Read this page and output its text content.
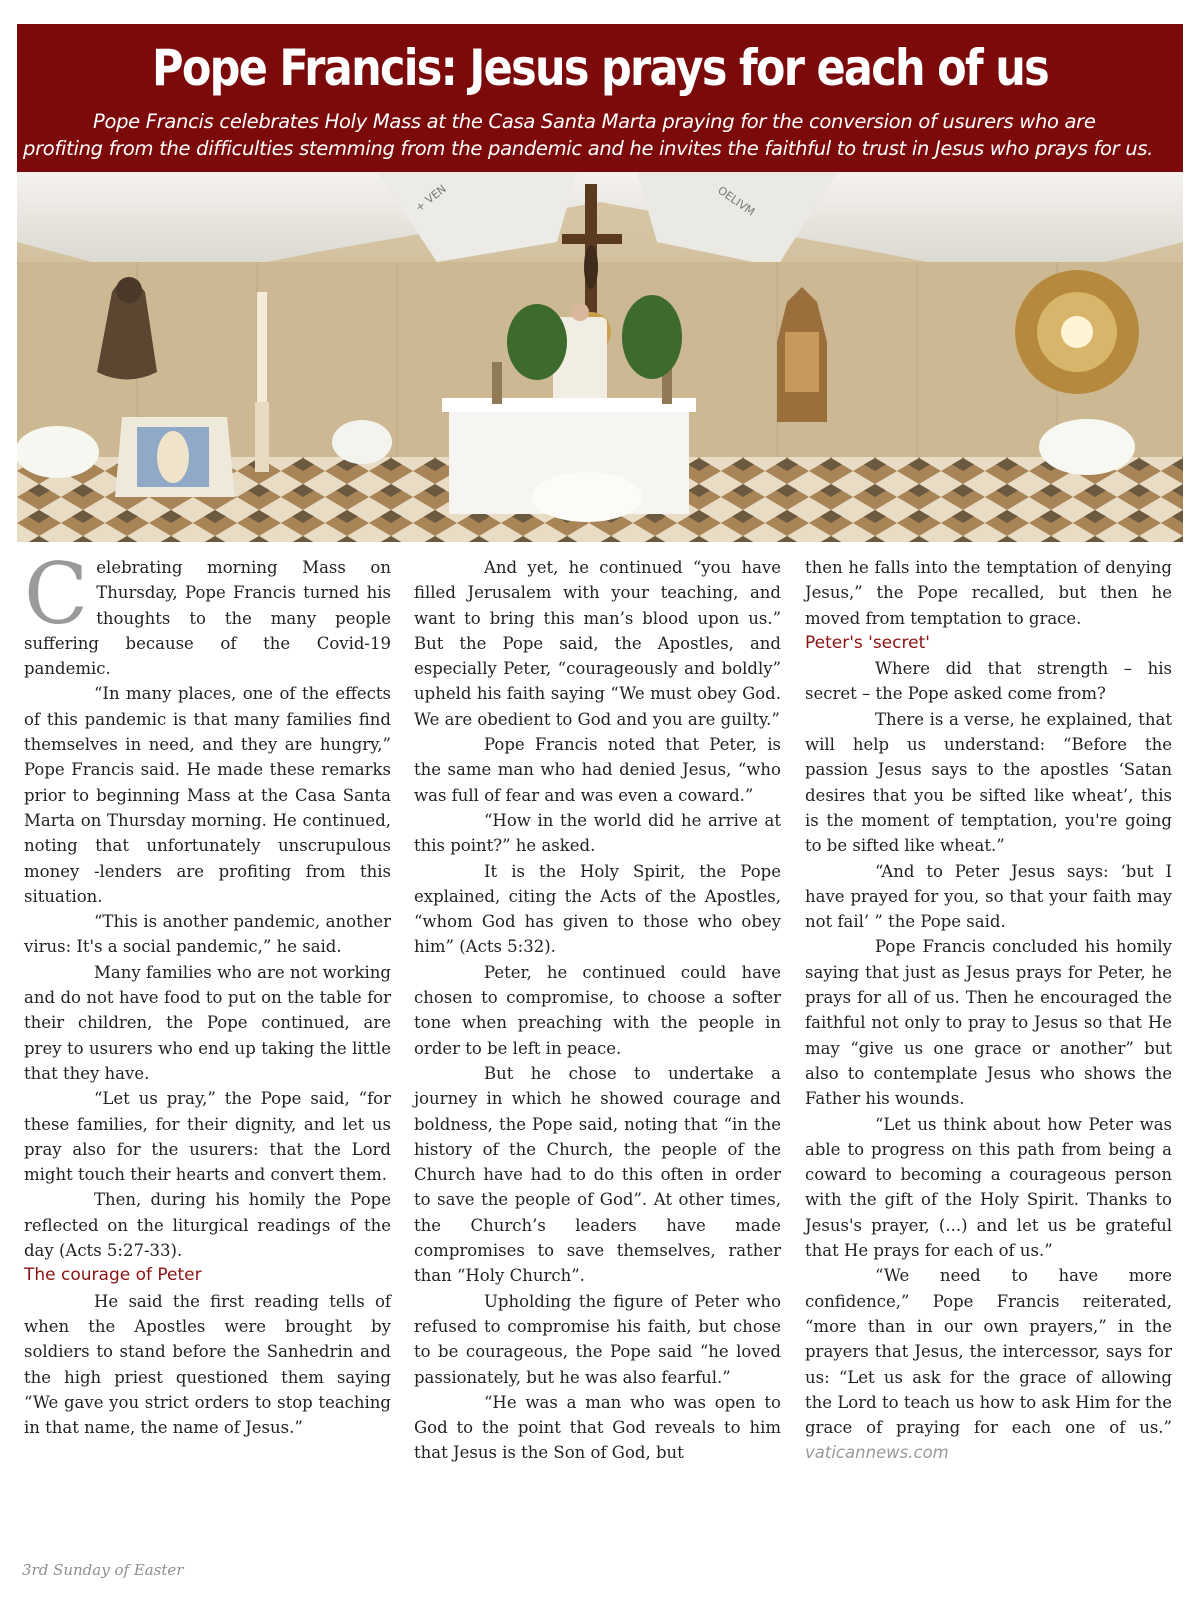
Pope Francis: Jesus prays for each of us

Pope Francis celebrates Holy Mass at the Casa Santa Marta praying for the conversion of usurers who are profiting from the difficulties stemming from the pandemic and he invites the faithful to trust in Jesus who prays for us.

+ VEN	OELIVM
C elebrating morning Mass on Thursday, Pope Francis turned his thoughts to the many people suffering because of the Covid-19 pandemic.

“In many places, one of the effects of this pandemic is that many families find themselves in need, and they are hungry,” Pope Francis said. He made these remarks prior to beginning Mass at the Casa Santa Marta on Thursday morning. He continued, noting that unfortunately unscrupulous money -lenders are profiting from this situation.

“This is another pandemic, another virus: It's a social pandemic,” he said.

Many families who are not working and do not have food to put on the table for their children, the Pope continued, are prey to usurers who end up taking the little that they have.

“Let us pray,” the Pope said, “for these families, for their dignity, and let us pray also for the usurers: that the Lord might touch their hearts and convert them.

Then, during his homily the Pope reflected on the liturgical readings of the day (Acts 5:27-33).

The courage of Peter

He said the first reading tells of when the Apostles were brought by soldiers to stand before the Sanhedrin and the high priest questioned them saying “We gave you strict orders to stop teaching in that name, the name of Jesus.”

And yet, he continued “you have filled Jerusalem with your teaching, and want to bring this man’s blood upon us.” But the Pope said, the Apostles, and especially Peter, “courageously and boldly” upheld his faith saying “We must obey God. We are obedient to God and you are guilty.”

Pope Francis noted that Peter, is the same man who had denied Jesus, “who was full of fear and was even a coward.”

“How in the world did he arrive at this point?” he asked.

It is the Holy Spirit, the Pope explained, citing the Acts of the Apostles, “whom God has given to those who obey him” (Acts 5:32).

Peter, he continued could have chosen to compromise, to choose a softer tone when preaching with the people in order to be left in peace.

But he chose to undertake a journey in which he showed courage and boldness, the Pope said, noting that “in the history of the Church, the people of the Church have had to do this often in order to save the people of God”. At other times, the Church’s leaders have made compromises to save themselves, rather than “Holy Church”.

Upholding the figure of Peter who refused to compromise his faith, but chose to be courageous, the Pope said “he loved passionately, but he was also fearful.”

“He was a man who was open to God to the point that God reveals to him that Jesus is the Son of God, but

then he falls into the temptation of denying Jesus,” the Pope recalled, but then he moved from temptation to grace.

Peter's 'secret'

Where did that strength – his secret – the Pope asked come from?

There is a verse, he explained, that will help us understand: “Before the passion Jesus says to the apostles ‘Satan desires that you be sifted like wheat’, this is the moment of temptation, you're going to be sifted like wheat.”

“And to Peter Jesus says: ‘but I have prayed for you, so that your faith may not fail’ ” the Pope said.

Pope Francis concluded his homily saying that just as Jesus prays for Peter, he prays for all of us. Then he encouraged the faithful not only to pray to Jesus so that He may “give us one grace or another” but also to contemplate Jesus who shows the Father his wounds.

“Let us think about how Peter was able to progress on this path from being a coward to becoming a courageous person with the gift of the Holy Spirit. Thanks to Jesus's prayer, (...) and let us be grateful that He prays for each of us.”

“We need to have more confidence,” Pope Francis reiterated, “more than in our own prayers,” in the prayers that Jesus, the intercessor, says for us: “Let us ask for the grace of allowing the Lord to teach us how to ask Him for the grace of praying for each one of us.” vaticannews.com

3rd Sunday of Easter
